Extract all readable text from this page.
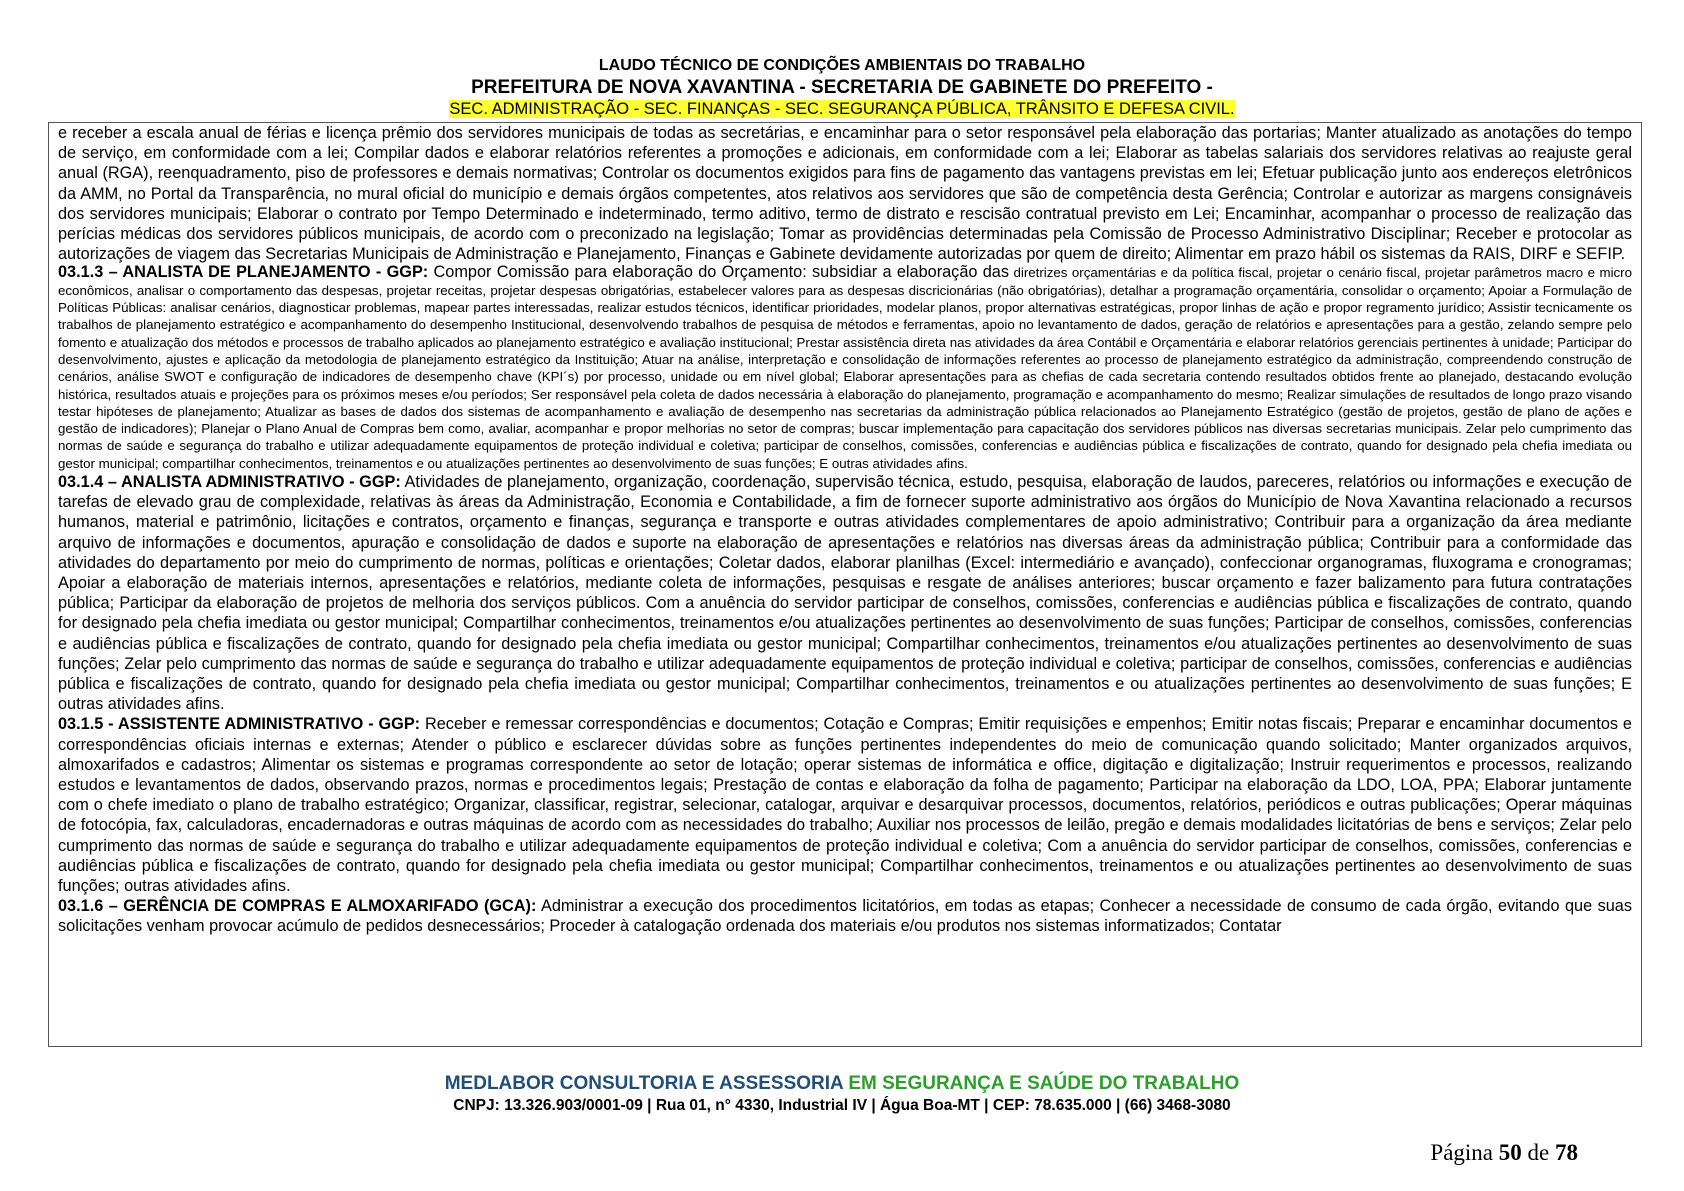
LAUDO TÉCNICO DE CONDIÇÕES AMBIENTAIS DO TRABALHO
PREFEITURA DE NOVA XAVANTINA - SECRETARIA DE GABINETE DO PREFEITO -
SEC. ADMINISTRAÇÃO - SEC. FINANÇAS - SEC. SEGURANÇA PÚBLICA, TRÂNSITO E DEFESA CIVIL.

e receber a escala anual de férias e licença prêmio dos servidores municipais de todas as secretárias, e encaminhar para o setor responsável pela elaboração das portarias; Manter atualizado as anotações do tempo de serviço, em conformidade com a lei; Compilar dados e elaborar relatórios referentes a promoções e adicionais, em conformidade com a lei; Elaborar as tabelas salariais dos servidores relativas ao reajuste geral anual (RGA), reenquadramento, piso de professores e demais normativas; Controlar os documentos exigidos para fins de pagamento das vantagens previstas em lei; Efetuar publicação junto aos endereços eletrônicos da AMM, no Portal da Transparência, no mural oficial do município e demais órgãos competentes, atos relativos aos servidores que são de competência desta Gerência; Controlar e autorizar as margens consignáveis dos servidores municipais; Elaborar o contrato por Tempo Determinado e indeterminado, termo aditivo, termo de distrato e rescisão contratual previsto em Lei; Encaminhar, acompanhar o processo de realização das perícias médicas dos servidores públicos municipais, de acordo com o preconizado na legislação; Tomar as providências determinadas pela Comissão de Processo Administrativo Disciplinar; Receber e protocolar as autorizações de viagem das Secretarias Municipais de Administração e Planejamento, Finanças e Gabinete devidamente autorizadas por quem de direito; Alimentar em prazo hábil os sistemas da RAIS, DIRF e SEFIP.

03.1.3 – ANALISTA DE PLANEJAMENTO - GGP: Compor Comissão para elaboração do Orçamento: subsidiar a elaboração das diretrizes orçamentárias e da política fiscal, projetar o cenário fiscal, projetar parâmetros macro e micro econômicos, analisar o comportamento das despesas, projetar receitas, projetar despesas obrigatórias, estabelecer valores para as despesas discricionárias (não obrigatórias), detalhar a programação orçamentária, consolidar o orçamento; Apoiar a Formulação de Políticas Públicas: analisar cenários, diagnosticar problemas, mapear partes interessadas, realizar estudos técnicos, identificar prioridades, modelar planos, propor alternativas estratégicas, propor linhas de ação e propor regramento jurídico; Assistir tecnicamente os trabalhos de planejamento estratégico e acompanhamento do desempenho Institucional, desenvolvendo trabalhos de pesquisa de métodos e ferramentas, apoio no levantamento de dados, geração de relatórios e apresentações para a gestão, zelando sempre pelo fomento e atualização dos métodos e processos de trabalho aplicados ao planejamento estratégico e avaliação institucional; Prestar assistência direta nas atividades da área Contábil e Orçamentária e elaborar relatórios gerenciais pertinentes à unidade; Participar do desenvolvimento, ajustes e aplicação da metodologia de planejamento estratégico da Instituição; Atuar na análise, interpretação e consolidação de informações referentes ao processo de planejamento estratégico da administração, compreendendo construção de cenários, análise SWOT e configuração de indicadores de desempenho chave (KPI´s) por processo, unidade ou em nível global; Elaborar apresentações para as chefias de cada secretaria contendo resultados obtidos frente ao planejado, destacando evolução histórica, resultados atuais e projeções para os próximos meses e/ou períodos; Ser responsável pela coleta de dados necessária à elaboração do planejamento, programação e acompanhamento do mesmo; Realizar simulações de resultados de longo prazo visando testar hipóteses de planejamento; Atualizar as bases de dados dos sistemas de acompanhamento e avaliação de desempenho nas secretarias da administração pública relacionados ao Planejamento Estratégico (gestão de projetos, gestão de plano de ações e gestão de indicadores); Planejar o Plano Anual de Compras bem como, avaliar, acompanhar e propor melhorias no setor de compras; buscar implementação para capacitação dos servidores públicos nas diversas secretarias municipais. Zelar pelo cumprimento das normas de saúde e segurança do trabalho e utilizar adequadamente equipamentos de proteção individual e coletiva; participar de conselhos, comissões, conferencias e audiências pública e fiscalizações de contrato, quando for designado pela chefia imediata ou gestor municipal; compartilhar conhecimentos, treinamentos e ou atualizações pertinentes ao desenvolvimento de suas funções; E outras atividades afins.

03.1.4 – ANALISTA ADMINISTRATIVO - GGP: Atividades de planejamento, organização, coordenação, supervisão técnica, estudo, pesquisa, elaboração de laudos, pareceres, relatórios ou informações e execução de tarefas de elevado grau de complexidade, relativas às áreas da Administração, Economia e Contabilidade, a fim de fornecer suporte administrativo aos órgãos do Município de Nova Xavantina relacionado a recursos humanos, material e patrimônio, licitações e contratos, orçamento e finanças, segurança e transporte e outras atividades complementares de apoio administrativo; Contribuir para a organização da área mediante arquivo de informações e documentos, apuração e consolidação de dados e suporte na elaboração de apresentações e relatórios nas diversas áreas da administração pública; Contribuir para a conformidade das atividades do departamento por meio do cumprimento de normas, políticas e orientações; Coletar dados, elaborar planilhas (Excel: intermediário e avançado), confeccionar organogramas, fluxograma e cronogramas; Apoiar a elaboração de materiais internos, apresentações e relatórios, mediante coleta de informações, pesquisas e resgate de análises anteriores; buscar orçamento e fazer balizamento para futura contratações pública; Participar da elaboração de projetos de melhoria dos serviços públicos. Com a anuência do servidor participar de conselhos, comissões, conferencias e audiências pública e fiscalizações de contrato, quando for designado pela chefia imediata ou gestor municipal; Compartilhar conhecimentos, treinamentos e/ou atualizações pertinentes ao desenvolvimento de suas funções; Participar de conselhos, comissões, conferencias e audiências pública e fiscalizações de contrato, quando for designado pela chefia imediata ou gestor municipal; Compartilhar conhecimentos, treinamentos e/ou atualizações pertinentes ao desenvolvimento de suas funções; Zelar pelo cumprimento das normas de saúde e segurança do trabalho e utilizar adequadamente equipamentos de proteção individual e coletiva; participar de conselhos, comissões, conferencias e audiências pública e fiscalizações de contrato, quando for designado pela chefia imediata ou gestor municipal; Compartilhar conhecimentos, treinamentos e ou atualizações pertinentes ao desenvolvimento de suas funções; E outras atividades afins.

03.1.5 - ASSISTENTE ADMINISTRATIVO - GGP: Receber e remessar correspondências e documentos; Cotação e Compras; Emitir requisições e empenhos; Emitir notas fiscais; Preparar e encaminhar documentos e correspondências oficiais internas e externas; Atender o público e esclarecer dúvidas sobre as funções pertinentes independentes do meio de comunicação quando solicitado; Manter organizados arquivos, almoxarifados e cadastros; Alimentar os sistemas e programas correspondente ao setor de lotação; operar sistemas de informática e office, digitação e digitalização; Instruir requerimentos e processos, realizando estudos e levantamentos de dados, observando prazos, normas e procedimentos legais; Prestação de contas e elaboração da folha de pagamento; Participar na elaboração da LDO, LOA, PPA; Elaborar juntamente com o chefe imediato o plano de trabalho estratégico; Organizar, classificar, registrar, selecionar, catalogar, arquivar e desarquivar processos, documentos, relatórios, periódicos e outras publicações; Operar máquinas de fotocópia, fax, calculadoras, encadernadoras e outras máquinas de acordo com as necessidades do trabalho; Auxiliar nos processos de leilão, pregão e demais modalidades licitatórias de bens e serviços; Zelar pelo cumprimento das normas de saúde e segurança do trabalho e utilizar adequadamente equipamentos de proteção individual e coletiva; Com a anuência do servidor participar de conselhos, comissões, conferencias e audiências pública e fiscalizações de contrato, quando for designado pela chefia imediata ou gestor municipal; Compartilhar conhecimentos, treinamentos e ou atualizações pertinentes ao desenvolvimento de suas funções; outras atividades afins.

03.1.6 – GERÊNCIA DE COMPRAS E ALMOXARIFADO (GCA): Administrar a execução dos procedimentos licitatórios, em todas as etapas; Conhecer a necessidade de consumo de cada órgão, evitando que suas solicitações venham provocar acúmulo de pedidos desnecessários; Proceder à catalogação ordenada dos materiais e/ou produtos nos sistemas informatizados; Contatar

MEDLABOR CONSULTORIA E ASSESSORIA EM SEGURANÇA E SAÚDE DO TRABALHO
CNPJ: 13.326.903/0001-09 | Rua 01, n° 4330, Industrial IV | Água Boa-MT | CEP: 78.635.000 | (66) 3468-3080
Página 50 de 78
